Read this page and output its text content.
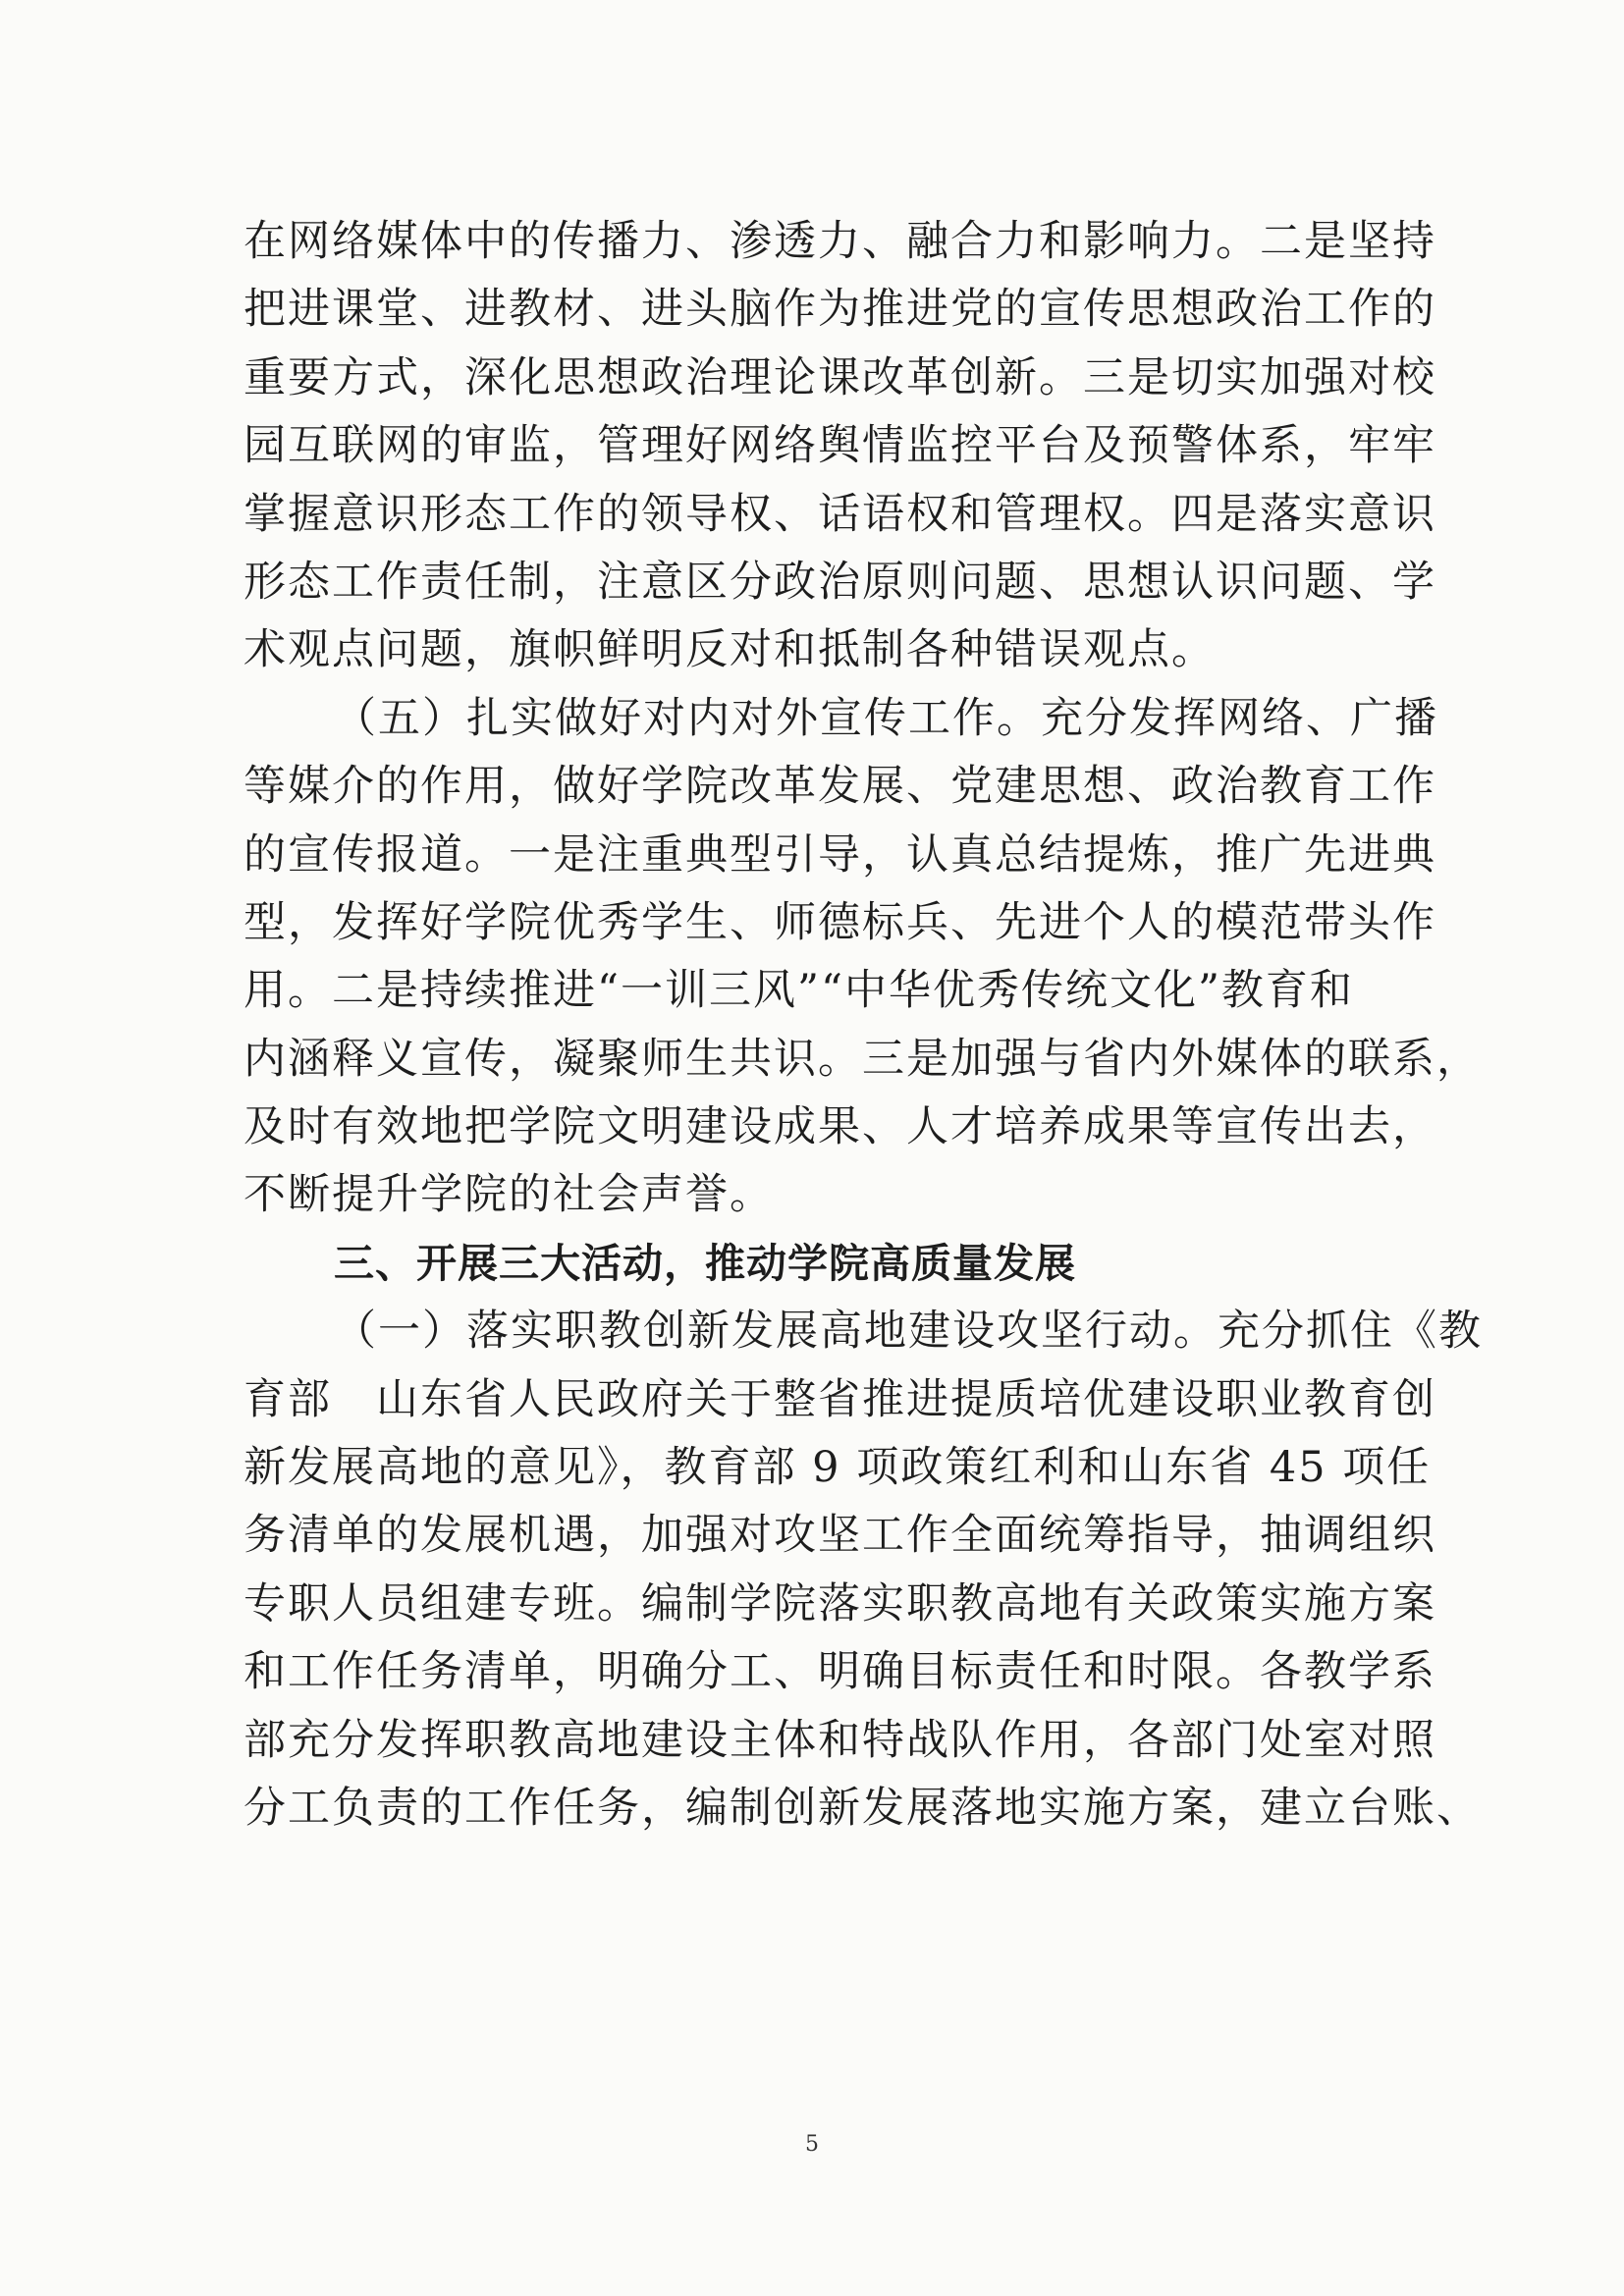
在网络媒体中的传播力、渗透力、融合力和影响力。二是坚持
把进课堂、进教材、进头脑作为推进党的宣传思想政治工作的
重要方式，深化思想政治理论课改革创新。三是切实加强对校
园互联网的审监，管理好网络舆情监控平台及预警体系，牢牢
掌握意识形态工作的领导权、话语权和管理权。四是落实意识
形态工作责任制，注意区分政治原则问题、思想认识问题、学
术观点问题，旗帜鲜明反对和抵制各种错误观点。
（五）扎实做好对内对外宣传工作。充分发挥网络、广播
等媒介的作用，做好学院改革发展、党建思想、政治教育工作
的宣传报道。一是注重典型引导，认真总结提炼，推广先进典
型，发挥好学院优秀学生、师德标兵、先进个人的模范带头作
用。二是持续推进“一训三风”“中华优秀传统文化”教育和
内涵释义宣传，凝聚师生共识。三是加强与省内外媒体的联系，
及时有效地把学院文明建设成果、人才培养成果等宣传出去，
不断提升学院的社会声誉。
三、开展三大活动，推动学院高质量发展
（一）落实职教创新发展高地建设攻坚行动。充分抓住《教
育部　山东省人民政府关于整省推进提质培优建设职业教育创
新发展高地的意见》，教育部 9 项政策红利和山东省 45 项任
务清单的发展机遇，加强对攻坚工作全面统筹指导，抽调组织
专职人员组建专班。编制学院落实职教高地有关政策实施方案
和工作任务清单，明确分工、明确目标责任和时限。各教学系
部充分发挥职教高地建设主体和特战队作用，各部门处室对照
分工负责的工作任务，编制创新发展落地实施方案，建立台账、
5
